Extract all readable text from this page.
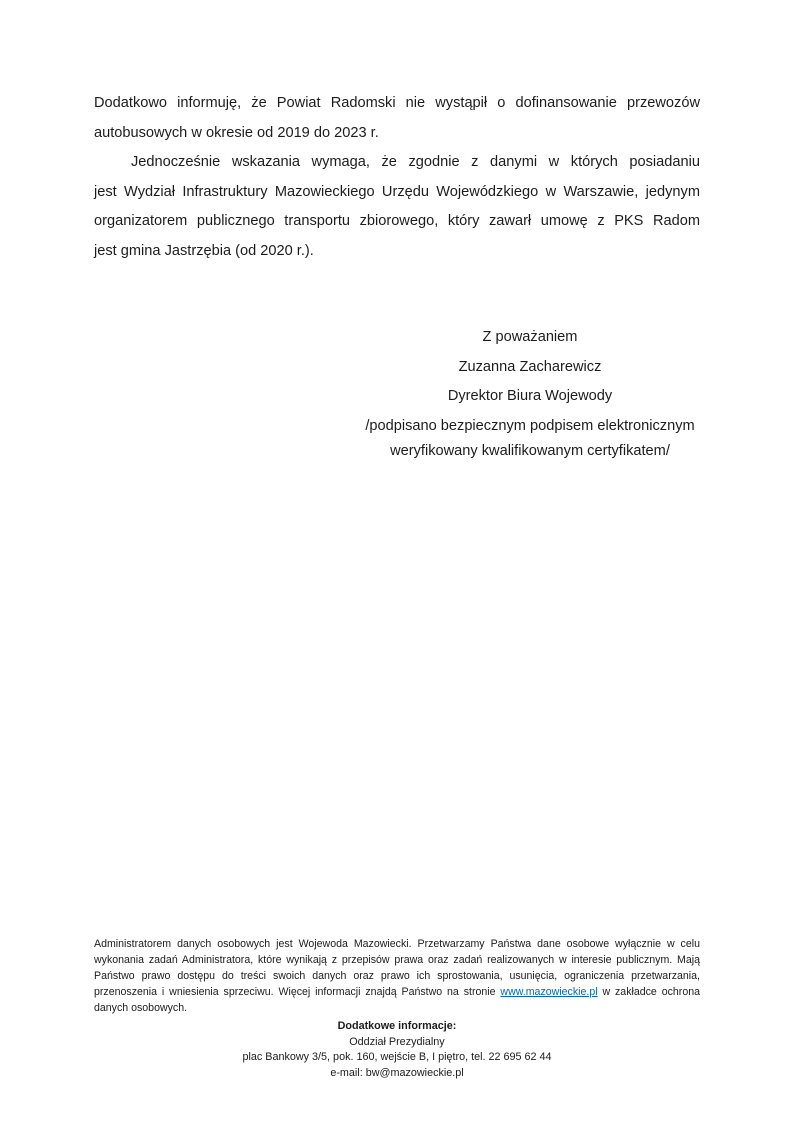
Dodatkowo informuję, że Powiat Radomski nie wystąpił o dofinansowanie przewozów
autobusowych w okresie od 2019 do 2023 r.
Jednocześnie wskazania wymaga, że zgodnie z danymi w których posiadaniu
jest Wydział Infrastruktury Mazowieckiego Urzędu Wojewódzkiego w Warszawie, jedynym
organizatorem publicznego transportu zbiorowego, który zawarł umowę z PKS Radom
jest gmina Jastrzębia (od 2020 r.).
Z poważaniem
Zuzanna Zacharewicz
Dyrektor Biura Wojewody
/podpisano bezpiecznym podpisem elektronicznym
weryfikowany kwalifikowanym certyfikatem/
Administratorem danych osobowych jest Wojewoda Mazowiecki. Przetwarzamy Państwa dane osobowe wyłącznie w celu
wykonania zadań Administratora, które wynikają z przepisów prawa oraz zadań realizowanych w interesie publicznym. Mają
Państwo prawo dostępu do treści swoich danych oraz prawo ich sprostowania, usunięcia, ograniczenia przetwarzania,
przenoszenia i wniesienia sprzeciwu. Więcej informacji znajdą Państwo na stronie www.mazowieckie.pl w zakładce ochrona
danych osobowych.
Dodatkowe informacje:
Oddział Prezydialny
plac Bankowy 3/5, pok. 160, wejście B, I piętro, tel. 22 695 62 44
e-mail: bw@mazowieckie.pl
